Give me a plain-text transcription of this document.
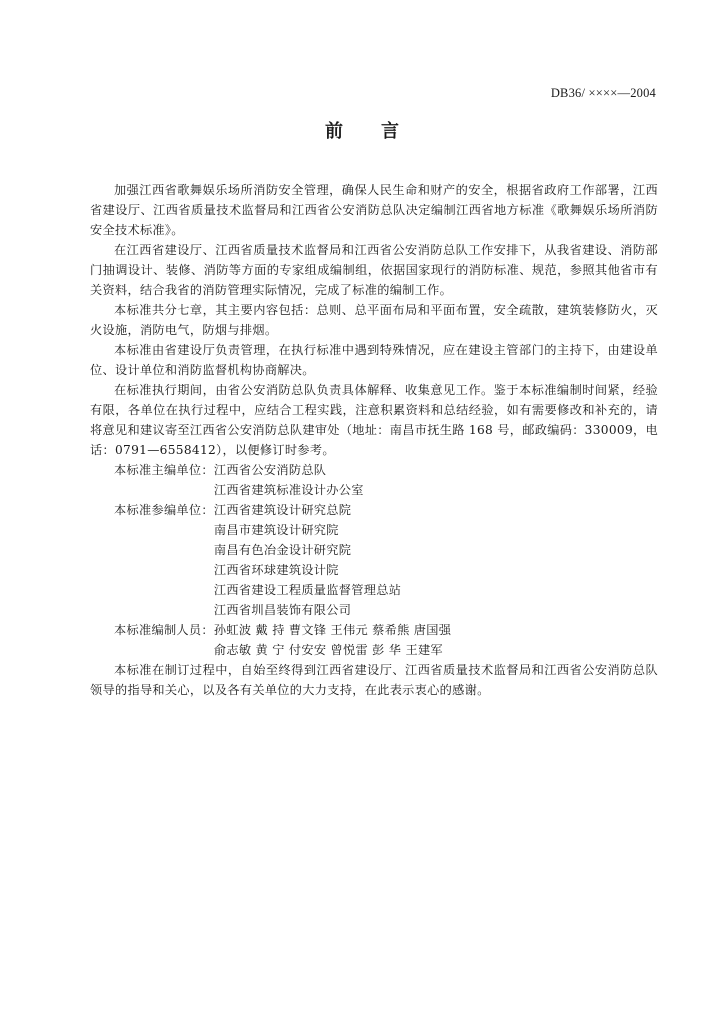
DB36/ ××××—2004
前言

加强江西省歌舞娱乐场所消防安全管理，确保人民生命和财产的安全，根据省政府工作部署，江西省建设厅、江西省质量技术监督局和江西省公安消防总队决定编制江西省地方标准《歌舞娱乐场所消防安全技术标准》。

在江西省建设厅、江西省质量技术监督局和江西省公安消防总队工作安排下，从我省建设、消防部门抽调设计、装修、消防等方面的专家组成编制组，依据国家现行的消防标准、规范，参照其他省市有关资料，结合我省的消防管理实际情况，完成了标准的编制工作。

本标准共分七章，其主要内容包括：总则、总平面布局和平面布置，安全疏散，建筑装修防火，灭火设施，消防电气，防烟与排烟。

本标准由省建设厅负责管理，在执行标准中遇到特殊情况，应在建设主管部门的主持下，由建设单位、设计单位和消防监督机构协商解决。

在标准执行期间，由省公安消防总队负责具体解释、收集意见工作。鉴于本标准编制时间紧，经验有限，各单位在执行过程中，应结合工程实践，注意积累资料和总结经验，如有需要修改和补充的，请将意见和建议寄至江西省公安消防总队建审处（地址：南昌市抚生路 168 号，邮政编码：330009，电话：0791—6558412），以便修订时参考。

本标准主编单位： 江西省公安消防总队
江西省建筑标准设计办公室
本标准参编单位： 江西省建筑设计研究总院
南昌市建筑设计研究院
南昌有色冶金设计研究院
江西省环球建筑设计院
江西省建设工程质量监督管理总站
江西省圳昌装饰有限公司
本标准编制人员： 孙虹波 戴 持 曹文锋 王伟元 蔡希熊 唐国强
俞志敏 黄 宁 付安安 曾悦雷 彭 华 王建军

本标准在制订过程中，自始至终得到江西省建设厅、江西省质量技术监督局和江西省公安消防总队领导的指导和关心，以及各有关单位的大力支持，在此表示衷心的感谢。
